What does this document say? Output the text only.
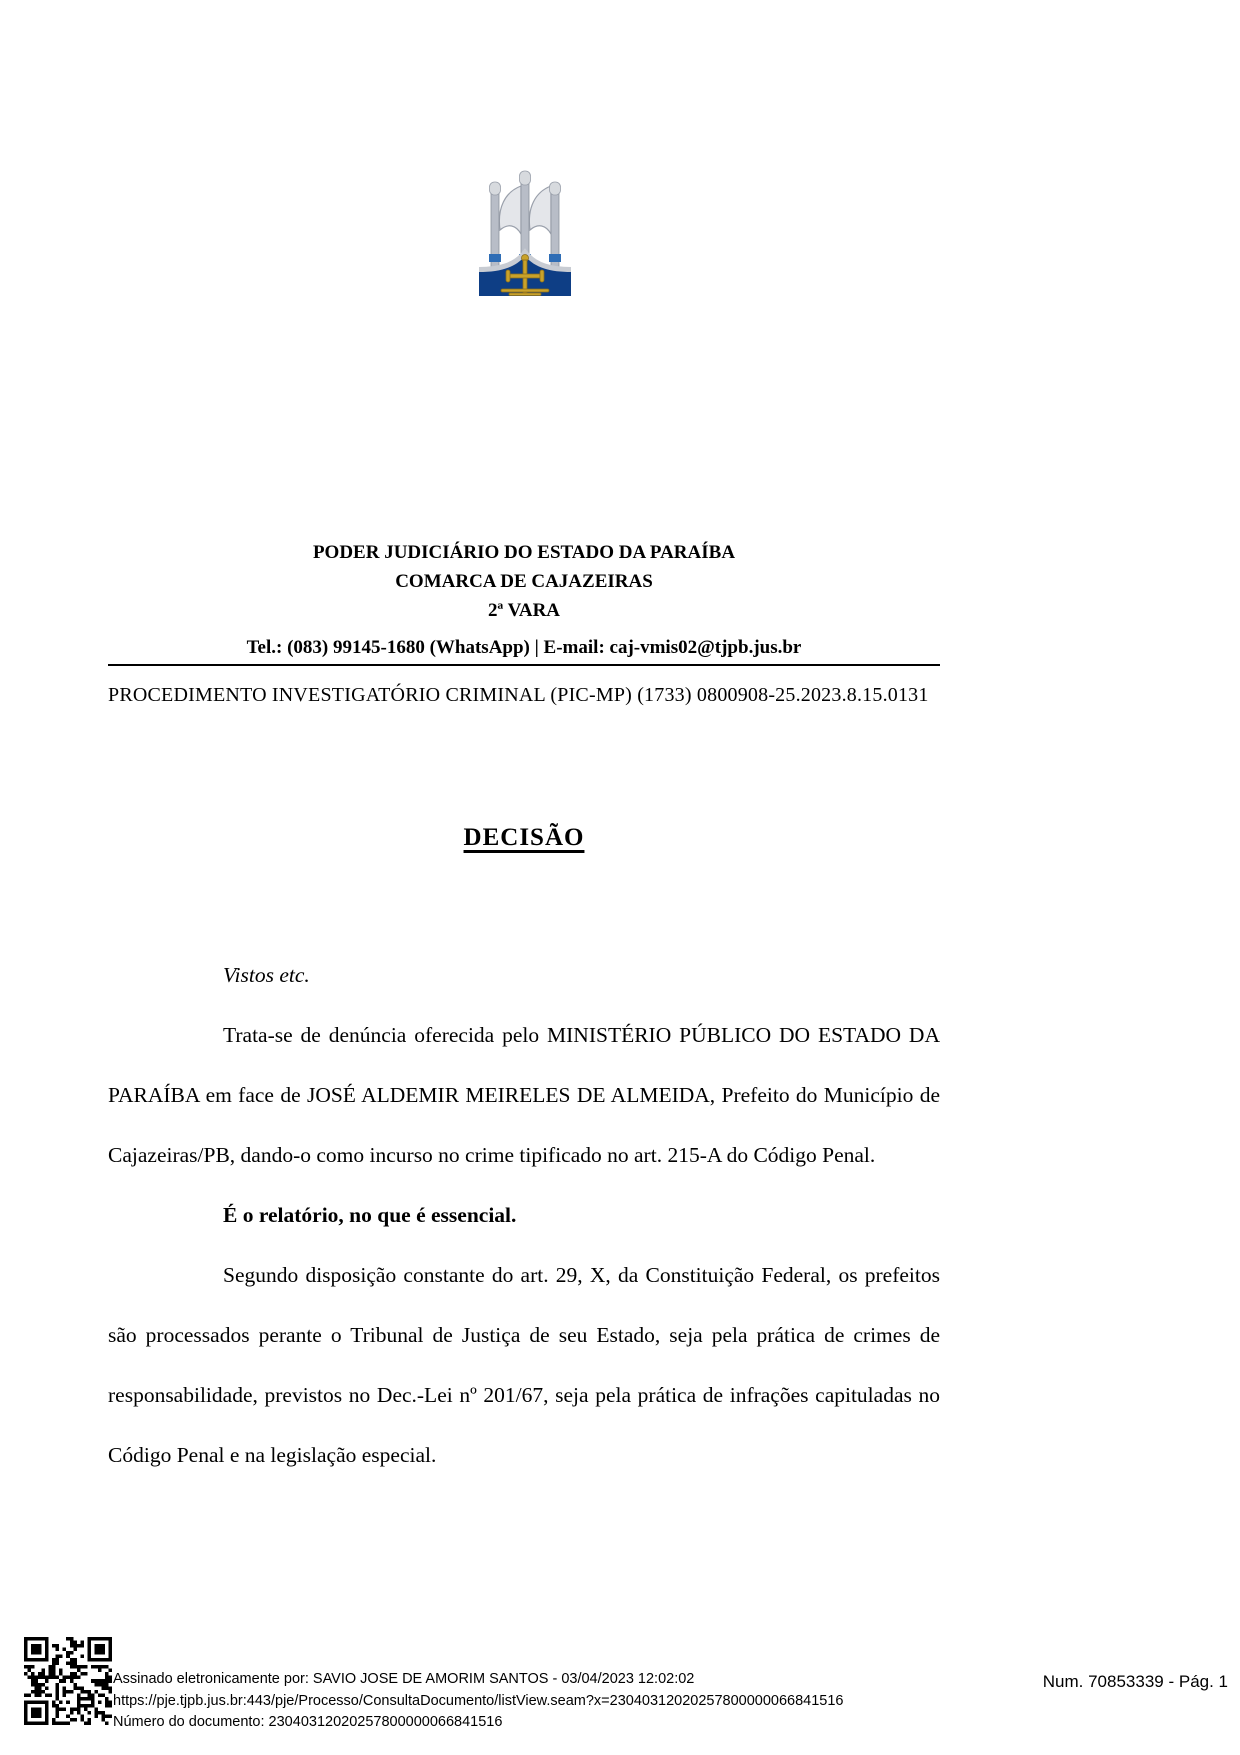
PODER JUDICIÁRIO DO ESTADO DA PARAÍBA
COMARCA DE CAJAZEIRAS
2ª VARA
Tel.: (083) 99145-1680 (WhatsApp) | E-mail: caj-vmis02@tjpb.jus.br
PROCEDIMENTO INVESTIGATÓRIO CRIMINAL (PIC-MP) (1733) 0800908-25.2023.8.15.0131
DECISÃO

Vistos etc.

Trata-se de denúncia oferecida pelo MINISTÉRIO PÚBLICO DO ESTADO DA PARAÍBA em face de JOSÉ ALDEMIR MEIRELES DE ALMEIDA, Prefeito do Município de Cajazeiras/PB, dando-o como incurso no crime tipificado no art. 215-A do Código Penal.

É o relatório, no que é essencial.

Segundo disposição constante do art. 29, X, da Constituição Federal, os prefeitos são processados perante o Tribunal de Justiça de seu Estado, seja pela prática de crimes de responsabilidade, previstos no Dec.-Lei nº 201/67, seja pela prática de infrações capituladas no Código Penal e na legislação especial.

Assinado eletronicamente por: SAVIO JOSE DE AMORIM SANTOS - 03/04/2023 12:02:02
https://pje.tjpb.jus.br:443/pje/Processo/ConsultaDocumento/listView.seam?x=23040312020257800000066841516
Número do documento: 23040312020257800000066841516
Num. 70853339 - Pág. 1
